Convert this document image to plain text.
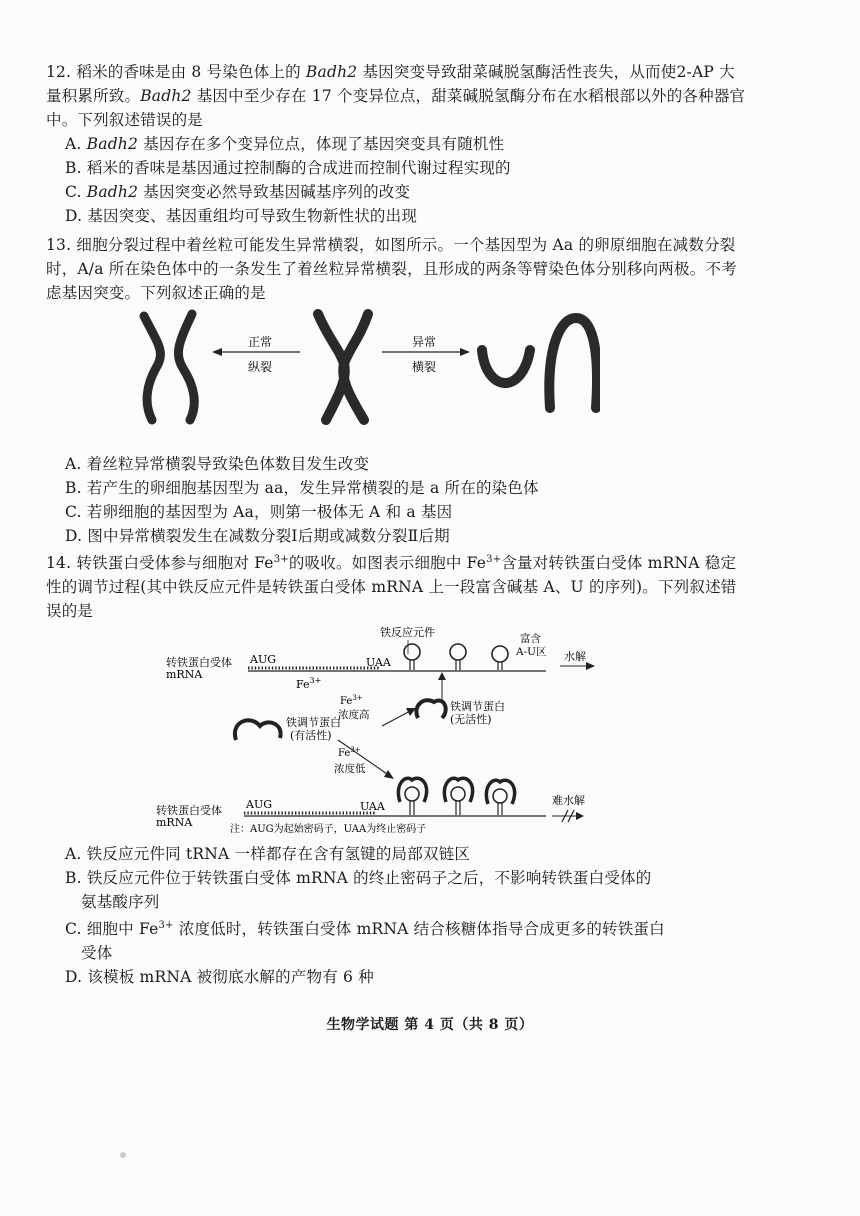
12. 稻米的香味是由 8 号染色体上的 Badh2 基因突变导致甜菜碱脱氢酶活性丧失，从而使2-AP 大量积累所致。Badh2 基因中至少存在 17 个变异位点，甜菜碱脱氢酶分布在水稻根部以外的各种器官中。下列叙述错误的是

A. Badh2 基因存在多个变异位点，体现了基因突变具有随机性

B. 稻米的香味是基因通过控制酶的合成进而控制代谢过程实现的

C. Badh2 基因突变必然导致基因碱基序列的改变

D. 基因突变、基因重组均可导致生物新性状的出现

13. 细胞分裂过程中着丝粒可能发生异常横裂，如图所示。一个基因型为 Aa 的卵原细胞在减数分裂时，A/a 所在染色体中的一条发生了着丝粒异常横裂，且形成的两条等臂染色体分别移向两极。不考虑基因突变。下列叙述正确的是

正常
纵裂
异常
横裂

A. 着丝粒异常横裂导致染色体数目发生改变

B. 若产生的卵细胞基因型为 aa，发生异常横裂的是 a 所在的染色体

C. 若卵细胞的基因型为 Aa，则第一极体无 A 和 a 基因

D. 图中异常横裂发生在减数分裂Ⅰ后期或减数分裂Ⅱ后期

14. 转铁蛋白受体参与细胞对 $Fe^{3+}$的吸收。如图表示细胞中 $Fe^{3+}$含量对转铁蛋白受体 mRNA 稳定性的调节过程(其中铁反应元件是转铁蛋白受体 mRNA 上一段富含碱基 A、U 的序列)。下列叙述错误的是

铁反应元件	富含
A-U区 水解
转铁蛋白受体
mRNA
AUG	UAA
$Fe^{3+}$
铁调节蛋白
(无活性)
$Fe^{3+}$
浓度高
铁调节蛋白
(有活性)
$Fe^{3+}$
浓度低
转铁蛋白受体
mRNA
AUG	UAA	难水解
注：AUG为起始密码子，UAA为终止密码子

A. 铁反应元件同 tRNA 一样都存在含有氢键的局部双链区

B. 铁反应元件位于转铁蛋白受体 mRNA 的终止密码子之后，不影响转铁蛋白受体的
氨基酸序列
C. 细胞中 $Fe^{3+}$ 浓度低时，转铁蛋白受体 mRNA 结合核糖体指导合成更多的转铁蛋白
受体

D. 该模板 mRNA 被彻底水解的产物有 6 种

生物学试题 第 4 页（共 8 页）
